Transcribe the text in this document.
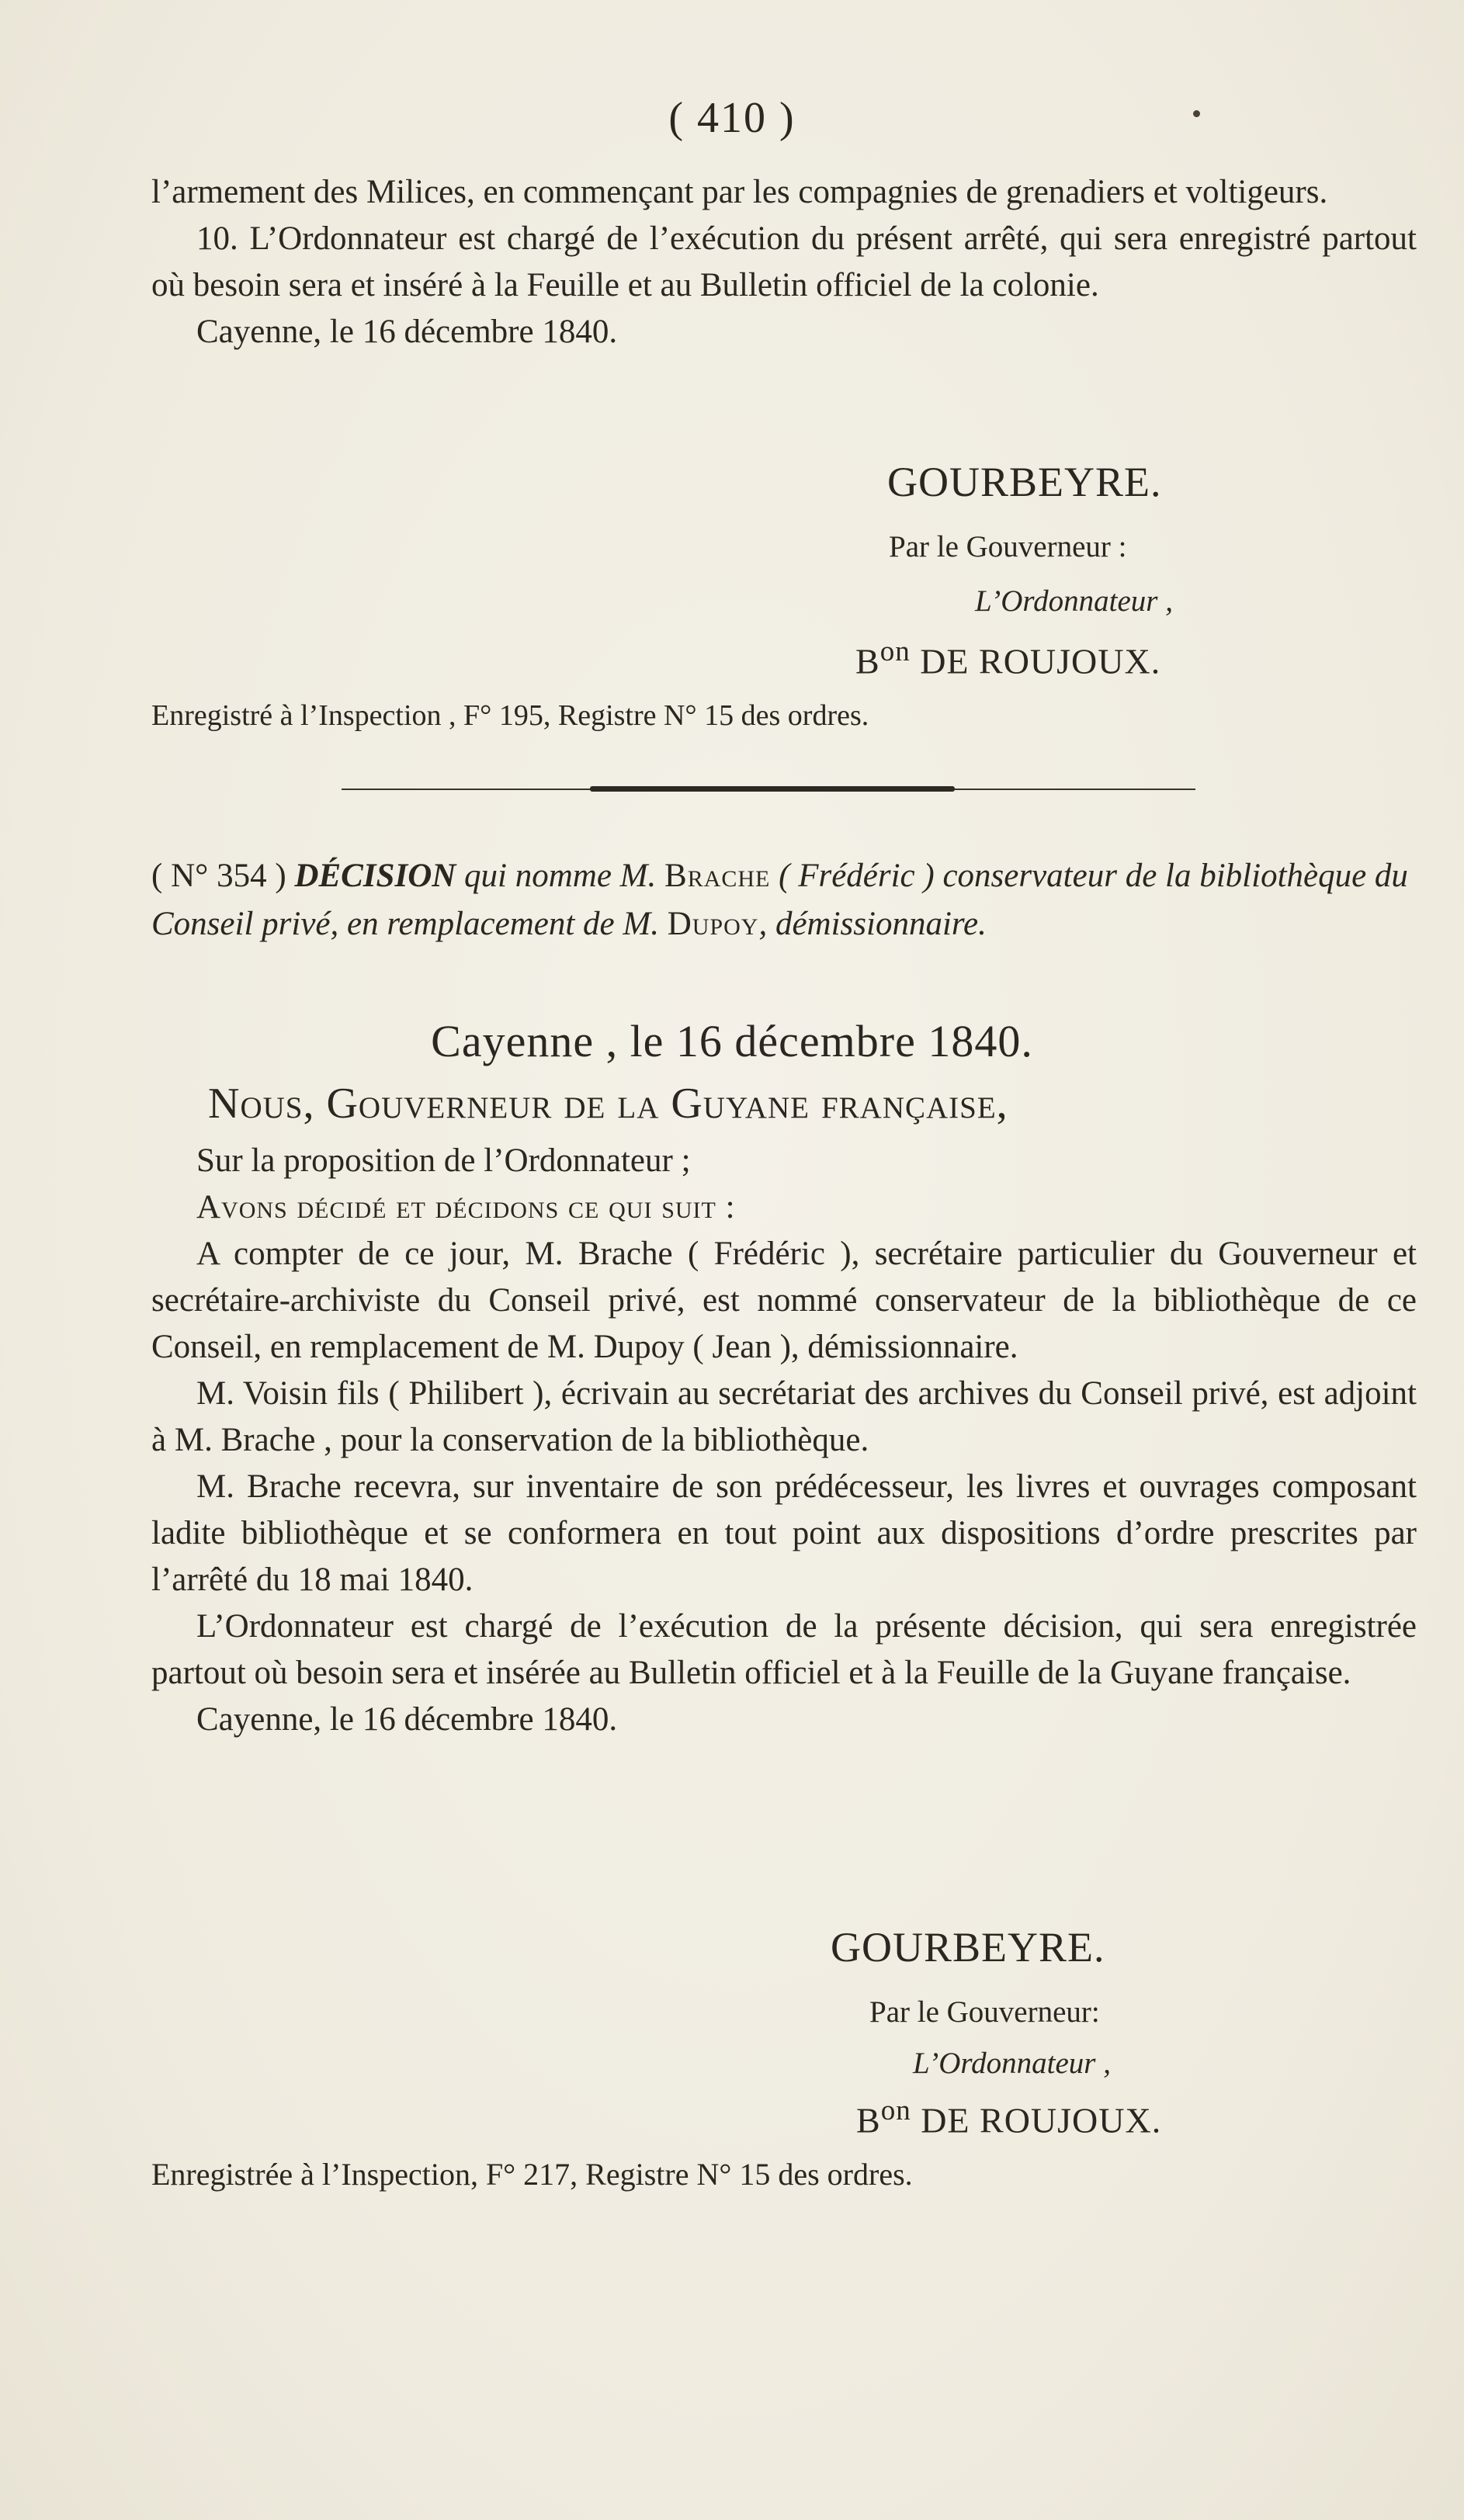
( 410 )

l’armement des Milices, en commençant par les compagnies de grenadiers et voltigeurs.

10. L’Ordonnateur est chargé de l’exécution du présent arrêté, qui sera enregistré partout où besoin sera et inséré à la Feuille et au Bulletin officiel de la colonie.

Cayenne, le 16 décembre 1840.

GOURBEYRE.
Par le Gouverneur :
L’Ordonnateur ,
$B^{on}$ DE ROUJOUX.
Enregistré à l’Inspection , F° 195, Registre N° 15 des ordres.
( N° 354 ) DÉCISION qui nomme M. Brache ( Frédéric ) conservateur de la bibliothèque du Conseil privé, en remplacement de M. Dupoy, démissionnaire.
Cayenne , le 16 décembre 1840.
Nous, Gouverneur de la Guyane française,

Sur la proposition de l’Ordonnateur ;

Avons décidé et décidons ce qui suit :

A compter de ce jour, M. Brache ( Frédéric ), secrétaire particulier du Gouverneur et secrétaire-archiviste du Conseil privé, est nommé conservateur de la bibliothèque de ce Conseil, en remplacement de M. Dupoy ( Jean ), démissionnaire.

M. Voisin fils ( Philibert ), écrivain au secrétariat des archives du Conseil privé, est adjoint à M. Brache , pour la conservation de la bibliothèque.

M. Brache recevra, sur inventaire de son prédécesseur, les livres et ouvrages composant ladite bibliothèque et se conformera en tout point aux dispositions d’ordre prescrites par l’arrêté du 18 mai 1840.

L’Ordonnateur est chargé de l’exécution de la présente décision, qui sera enregistrée partout où besoin sera et insérée au Bulletin officiel et à la Feuille de la Guyane française.

Cayenne, le 16 décembre 1840.

GOURBEYRE.
Par le Gouverneur:
L’Ordonnateur ,
$B^{on}$ DE ROUJOUX.
Enregistrée à l’Inspection, F° 217, Registre N° 15 des ordres.
